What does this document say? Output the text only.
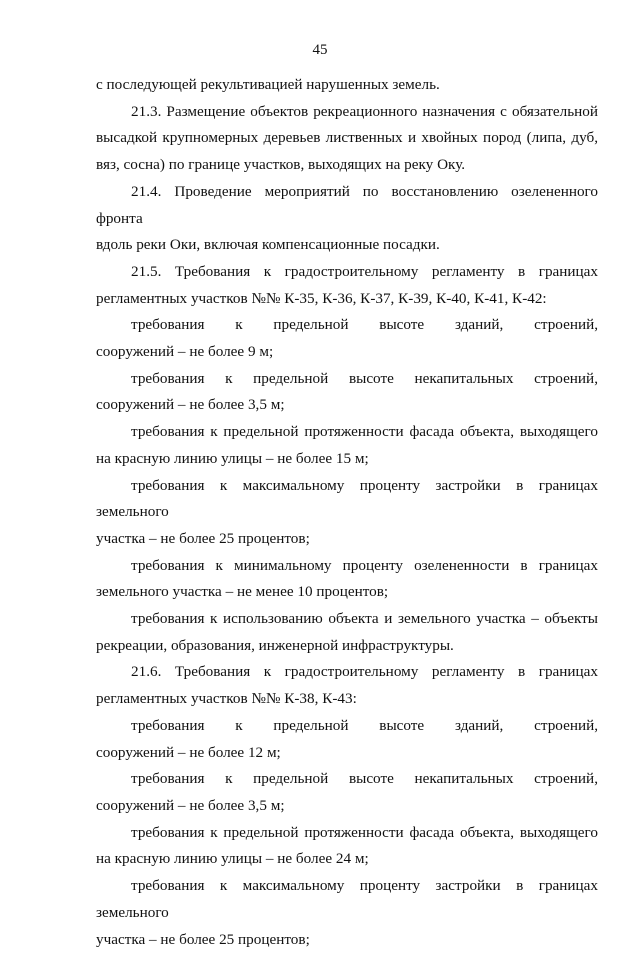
45

с последующей рекультивацией нарушенных земель.

21.3. Размещение объектов рекреационного назначения с обязательной

высадкой крупномерных деревьев лиственных и хвойных пород (липа, дуб,

вяз, сосна) по границе участков, выходящих на реку Оку.

21.4. Проведение мероприятий по восстановлению озелененного фронта

вдоль реки Оки, включая компенсационные посадки.

21.5. Требования к градостроительному регламенту в границах

регламентных участков №№ К-35, К-36, К-37, К-39, К-40, К-41, К-42:

требования к предельной высоте зданий, строений,

сооружений – не более 9 м;

требования к предельной высоте некапитальных строений,

сооружений – не более 3,5 м;

требования к предельной протяженности фасада объекта, выходящего

на красную линию улицы – не более 15 м;

требования к максимальному проценту застройки в границах земельного

участка – не более 25 процентов;

требования к минимальному проценту озелененности в границах

земельного участка – не менее 10 процентов;

требования к использованию объекта и земельного участка – объекты

рекреации, образования, инженерной инфраструктуры.

21.6. Требования к градостроительному регламенту в границах

регламентных участков №№ К-38, К-43:

требования к предельной высоте зданий, строений,

сооружений – не более 12 м;

требования к предельной высоте некапитальных строений,

сооружений – не более 3,5 м;

требования к предельной протяженности фасада объекта, выходящего

на красную линию улицы – не более 24 м;

требования к максимальному проценту застройки в границах земельного

участка – не более 25 процентов;
